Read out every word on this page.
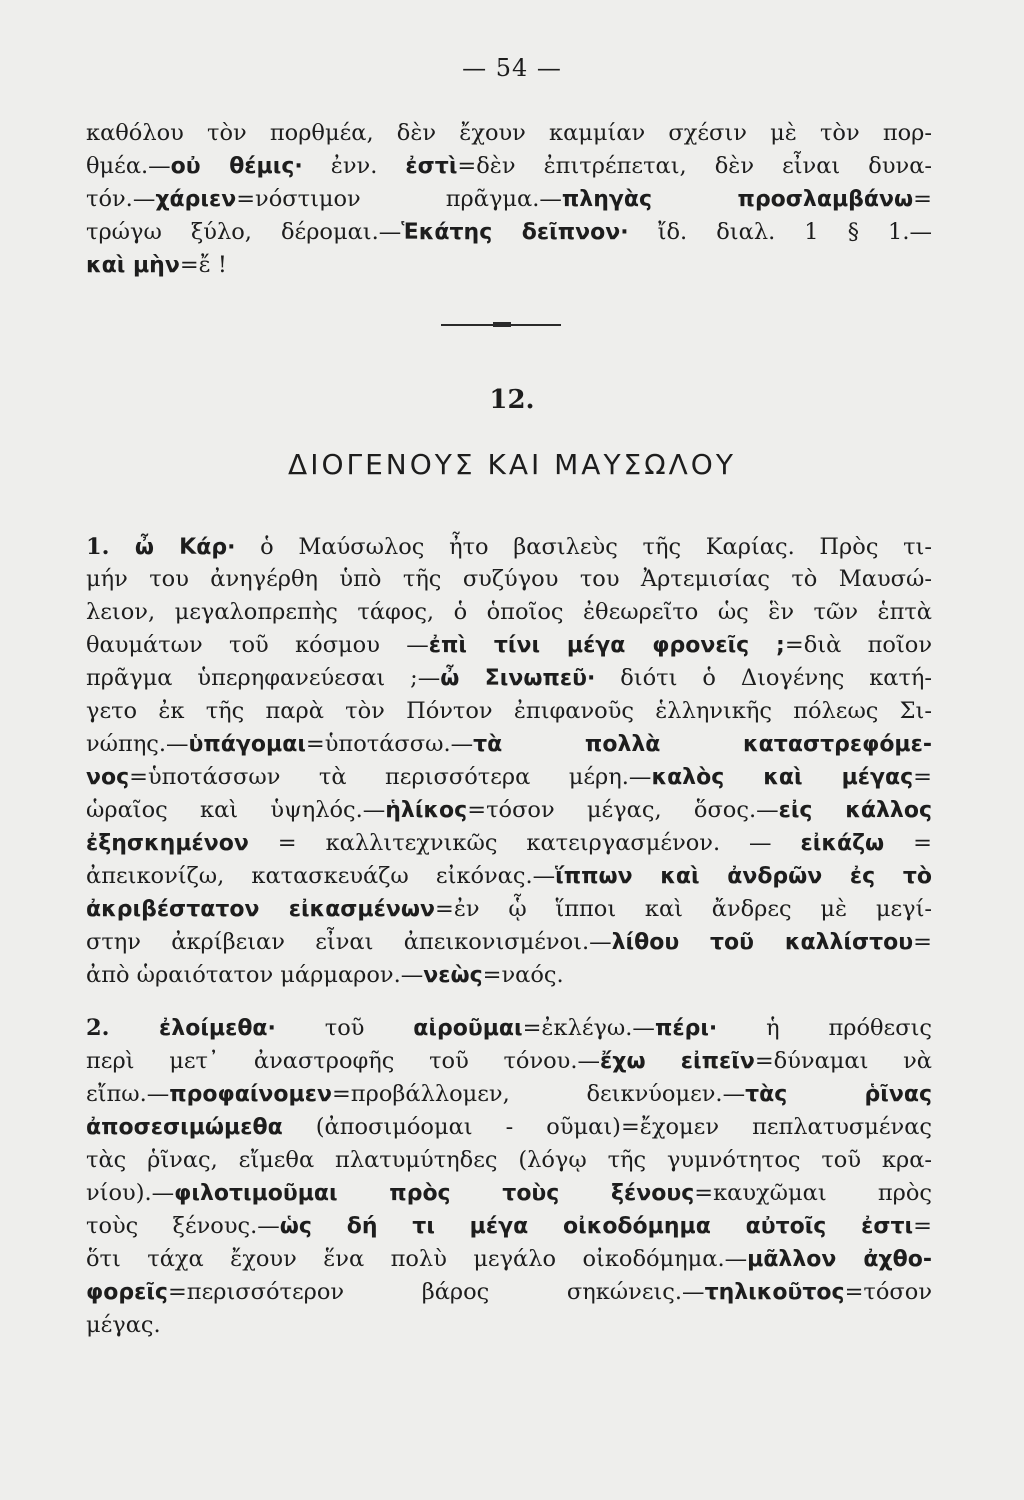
— 54 —
καθόλου τὸν πορθμέα, δὲν ἔχουν καμμίαν σχέσιν μὲ τὸν πορ-
θμέα.—οὐ θέμις· ἐνν. ἐστὶ=δὲν ἐπιτρέπεται, δὲν εἶναι δυνα-
τόν.—χάριεν=νόστιμον πρᾶγμα.—πληγὰς προσλαμβάνω=
τρώγω ξύλο, δέρομαι.—Ἑκάτης δεῖπνον· ἴδ. διαλ. 1 § 1.—
καὶ μὴν=ἔ !
12.
ΔΙΟΓΕΝΟΥΣ ΚΑΙ ΜΑΥΣΩΛΟΥ
1. ὦ Κάρ· ὁ Μαύσωλος ἦτο βασιλεὺς τῆς Καρίας. Πρὸς τι-
μήν του ἀνηγέρθη ὑπὸ τῆς συζύγου του Ἀρτεμισίας τὸ Μαυσώ-
λειον, μεγαλοπρεπὴς τάφος, ὁ ὁποῖος ἐθεωρεῖτο ὡς ἓν τῶν ἑπτὰ
θαυμάτων τοῦ κόσμου —ἐπὶ τίνι μέγα φρονεῖς ;=διὰ ποῖον
πρᾶγμα ὑπερηφανεύεσαι ;—ὦ Σινωπεῦ· διότι ὁ Διογένης κατή-
γετο ἐκ τῆς παρὰ τὸν Πόντον ἐπιφανοῦς ἑλληνικῆς πόλεως Σι-
νώπης.—ὑπάγομαι=ὑποτάσσω.—τὰ πολλὰ καταστρεφόμε-
νος=ὑποτάσσων τὰ περισσότερα μέρη.—καλὸς καὶ μέγας=
ὡραῖος καὶ ὑψηλός.—ἡλίκος=τόσον μέγας, ὅσος.—εἰς κάλλος
ἐξησκημένον = καλλιτεχνικῶς κατειργασμένον. — εἰκάζω =
ἀπεικονίζω, κατασκευάζω εἰκόνας.—ἵππων καὶ ἀνδρῶν ἐς τὸ
ἀκριβέστατον εἰκασμένων=ἐν ᾧ ἵπποι καὶ ἄνδρες μὲ μεγί-
στην ἀκρίβειαν εἶναι ἀπεικονισμένοι.—λίθου τοῦ καλλίστου=
ἀπὸ ὡραιότατον μάρμαρον.—νεὼς=ναός.
2. ἐλοίμεθα· τοῦ αἱροῦμαι=ἐκλέγω.—πέρι· ἡ πρόθεσις
περὶ μετ᾽ ἀναστροφῆς τοῦ τόνου.—ἔχω εἰπεῖν=δύναμαι νὰ
εἴπω.—προφαίνομεν=προβάλλομεν, δεικνύομεν.—τὰς ῥῖνας
ἀποσεσιμώμεθα (ἀποσιμόομαι - οῦμαι)=ἔχομεν πεπλατυσμένας
τὰς ῥῖνας, εἴμεθα πλατυμύτηδες (λόγῳ τῆς γυμνότητος τοῦ κρα-
νίου).—φιλοτιμοῦμαι πρὸς τοὺς ξένους=καυχῶμαι πρὸς
τοὺς ξένους.—ὡς δή τι μέγα οἰκοδόμημα αὐτοῖς ἐστι=
ὅτι τάχα ἔχουν ἕνα πολὺ μεγάλο οἰκοδόμημα.—μᾶλλον ἀχθο-
φορεῖς=περισσότερον βάρος σηκώνεις.—τηλικοῦτος=τόσον
μέγας.
